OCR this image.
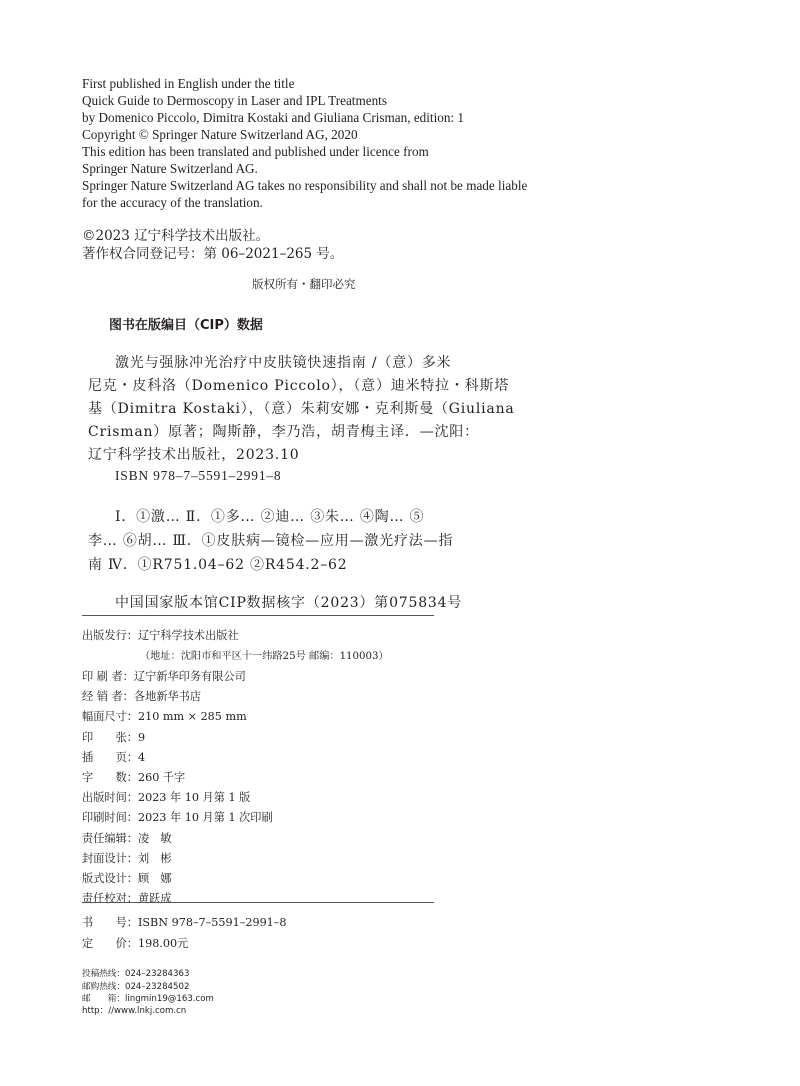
First published in English under the title
Quick Guide to Dermoscopy in Laser and IPL Treatments
by Domenico Piccolo, Dimitra Kostaki and Giuliana Crisman, edition: 1
Copyright © Springer Nature Switzerland AG, 2020
This edition has been translated and published under licence from
Springer Nature Switzerland AG.
Springer Nature Switzerland AG takes no responsibility and shall not be made liable
for the accuracy of the translation.
©2023 辽宁科学技术出版社。
著作权合同登记号：第 06–2021–265 号。
版权所有・翻印必究
图书在版编目（CIP）数据
激光与强脉冲光治疗中皮肤镜快速指南 /（意）多米
尼克・皮科洛（Domenico Piccolo），（意）迪米特拉・科斯塔
基（Dimitra Kostaki），（意）朱莉安娜・克利斯曼（Giuliana
Crisman）原著；陶斯静，李乃浩，胡青梅主译．—沈阳：
辽宁科学技术出版社，2023.10
ISBN 978–7–5591–2991–8
Ⅰ．①激… Ⅱ．①多… ②迪… ③朱… ④陶… ⑤
李… ⑥胡… Ⅲ．①皮肤病—镜检—应用—激光疗法—指
南 Ⅳ．①R751.04–62 ②R454.2–62
中国国家版本馆CIP数据核字（2023）第075834号
出版发行：辽宁科学技术出版社
（地址：沈阳市和平区十一纬路25号 邮编：110003）
印 刷 者：辽宁新华印务有限公司
经 销 者：各地新华书店
幅面尺寸：210 mm × 285 mm
印　　张：9
插　　页：4
字　　数：260 千字
出版时间：2023 年 10 月第 1 版
印刷时间：2023 年 10 月第 1 次印刷
责任编辑：凌　敏
封面设计：刘　彬
版式设计：顾　娜
责任校对：黄跃成
书　　号：ISBN 978–7–5591–2991–8
定　　价：198.00元
投稿热线：024–23284363
邮购热线：024–23284502
邮　　箱：lingmin19@163.com
http：//www.lnkj.com.cn
